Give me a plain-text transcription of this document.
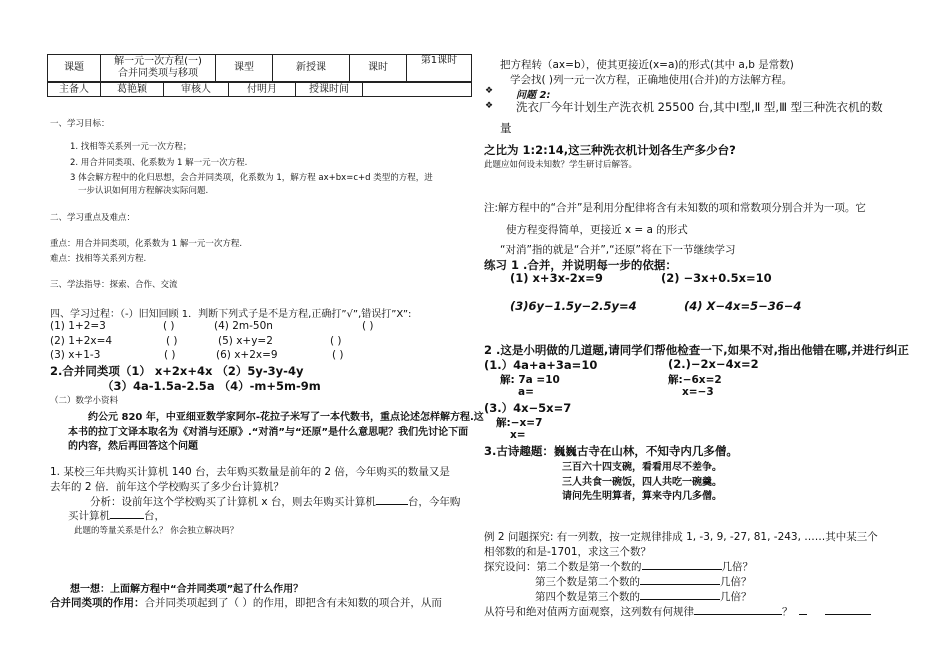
课题	
解一元一次方程(一)
合并同类项与移项
	课型	新授课	课时	第1课时
主备人	葛艳颖	审核人	付明月	授课时间	
一、学习目标：
1. 找相等关系列一元一次方程；
2. 用合并同类项、化系数为 1 解一元一次方程.
3 体会解方程中的化归思想，会合并同类项，化系数为 1，解方程 ax+bx=c+d 类型的方程，进
一步认识如何用方程解决实际问题.
二、学习重点及难点：
重点：用合并同类项，化系数为 1 解一元一次方程.
难点：找相等关系列方程.
三、学法指导：探索、合作、交流
四、学习过程：（-）旧知回顾 1．判断下列式子是不是方程,正确打”√”,错误打”X”:
(1) 1+2=3	( )	(4) 2m-50n	( )
(2) 1+2x=4	( )	(5) x+y=2	( )
(3) x+1-3	( )	(6) x+2x=9	( )
2.合并同类项（1） x+2x+4x （2）5y-3y-4y
（3）4a-1.5a-2.5a （4）-m+5m-9m
（二）数学小资料
约公元 820 年，中亚细亚数学家阿尔-花拉子米写了一本代数书，重点论述怎样解方程.这
本书的拉丁文译本取名为《对消与还原》.“对消”与“还原”是什么意思呢？我们先讨论下面
的内容，然后再回答这个问题
1. 某校三年共购买计算机 140 台，去年购买数量是前年的 2 倍，今年购买的数量又是
去年的 2 倍．前年这个学校购买了多少台计算机？
分析：设前年这个学校购买了计算机 x 台，则去年购买计算机	台，今年购
买计算机	台，
此题的等量关系是什么？ 你会独立解决吗？
想一想：上面解方程中“合并同类项”起了什么作用？
合并同类项的作用：合并同类项起到了（ ）的作用，即把含有未知数的项合并，从而
把方程转（ax=b），使其更接近(x=a)的形式(其中 a,b 是常数)
学会找( )列一元一次方程，正确地使用(合并)的方法解方程。
❖ 问题 2:
❖ 洗衣厂今年计划生产洗衣机 25500 台,其中Ⅰ型,Ⅱ 型,Ⅲ 型三种洗衣机的数
量
之比为 1:2:14,这三种洗衣机计划各生产多少台?
此题应如何设未知数？学生研讨后解答。
注:解方程中的“合并”是利用分配律将含有未知数的项和常数项分别合并为一项。它
使方程变得简单，更接近 x = a 的形式
“对消”指的就是“合并”,“还原”将在下一节继续学习
练习 1 .合并，并说明每一步的依据：
(1) x+3x-2x=9	(2) −3x+0.5x=10
(3)6y−1.5y−2.5y=4	(4) X−4x=5−36−4
2 .这是小明做的几道题,请同学们帮他检查一下,如果不对,指出他错在哪,并进行纠正
(1.）4a+a+3a=10	(2.)−2x−4x=2
解: 7a =10	解:−6x=2
a=	x=−3
(3.）4x−5x=7
解:−x=7
x=
3.古诗趣题：巍巍古寺在山林，不知寺内几多僧。
三百六十四支碗，看看用尽不差争。
三人共食一碗饭，四人共吃一碗羹。
请问先生明算者，算来寺内几多僧。
例 2 问题探究: 有一列数，按一定规律排成 1, -3, 9, -27, 81, -243, ……其中某三个
相邻数的和是-1701，求这三个数？
探究设问：第二个数是第一个数的	几倍？
第三个数是第二个数的	几倍？
第四个数是第三个数的	几倍？
从符号和绝对值两方面观察，这列数有何规律	？
